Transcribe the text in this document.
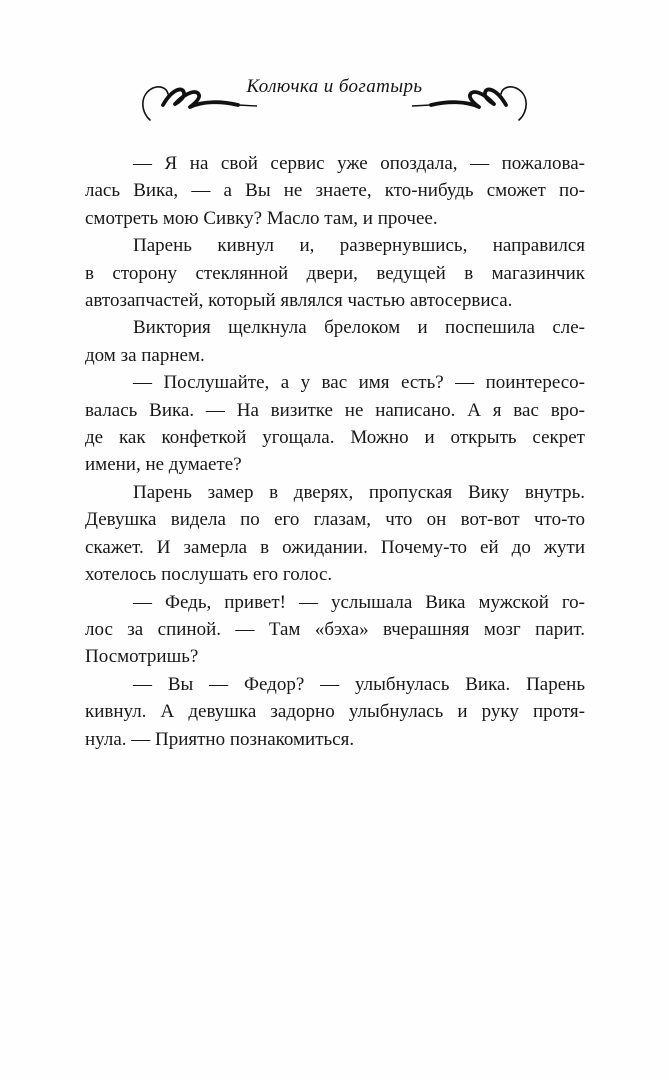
Колючка и богатырь
— Я на свой сервис уже опоздала, — пожалова-
лась Вика, — а Вы не знаете, кто-нибудь сможет по-
смотреть мою Сивку? Масло там, и прочее.
Парень кивнул и, развернувшись, направился
в сторону стеклянной двери, ведущей в магазинчик
автозапчастей, который являлся частью автосервиса.
Виктория щелкнула брелоком и поспешила сле-
дом за парнем.
— Послушайте, а у вас имя есть? — поинтересо-
валась Вика. — На визитке не написано. А я вас вро-
де как конфеткой угощала. Можно и открыть секрет
имени, не думаете?
Парень замер в дверях, пропуская Вику внутрь.
Девушка видела по его глазам, что он вот-вот что-то
скажет. И замерла в ожидании. Почему-то ей до жути
хотелось послушать его голос.
— Федь, привет! — услышала Вика мужской го-
лос за спиной. — Там «бэха» вчерашняя мозг парит.
Посмотришь?
— Вы — Федор? — улыбнулась Вика. Парень
кивнул. А девушка задорно улыбнулась и руку протя-
нула. — Приятно познакомиться.
